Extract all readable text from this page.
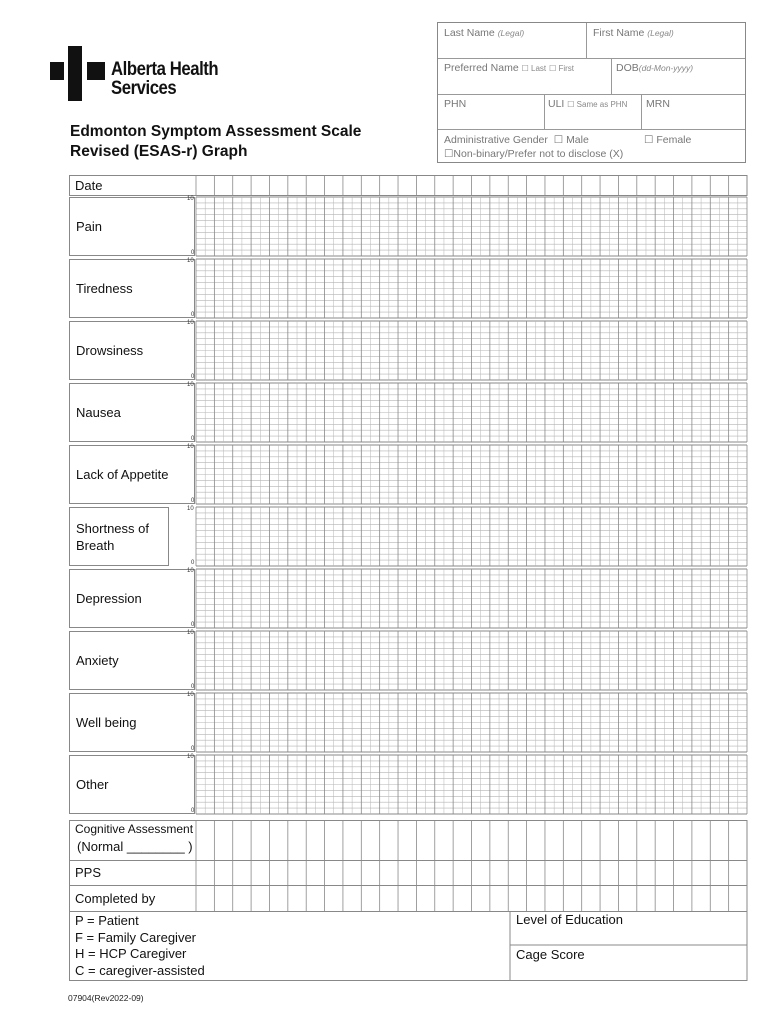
Alberta Health
Services
Edmonton Symptom Assessment Scale
Revised (ESAS-r) Graph
Last Name (Legal)	First Name (Legal)
Preferred Name ☐ Last ☐ First	DOB(dd-Mon-yyyy)
PHN	ULI ☐ Same as PHN MRN
Administrative Gender ☐ Male	☐ Female
☐Non-binary/Prefer not to disclose (X)
Date
Pain
10
0
Tiredness
10
0
Drowsiness
10
0
Nausea
10
0
Lack of Appetite
10
0
Shortness of Breath
10
0
Depression
10
0
Anxiety
10
0
Well being
10
0
Other
10
0
Cognitive Assessment
(Normal ________ )
PPS
Completed by
P = Patient
F = Family Caregiver
H = HCP Caregiver
C = caregiver-assisted
Level of Education
Cage Score
07904(Rev2022-09)
